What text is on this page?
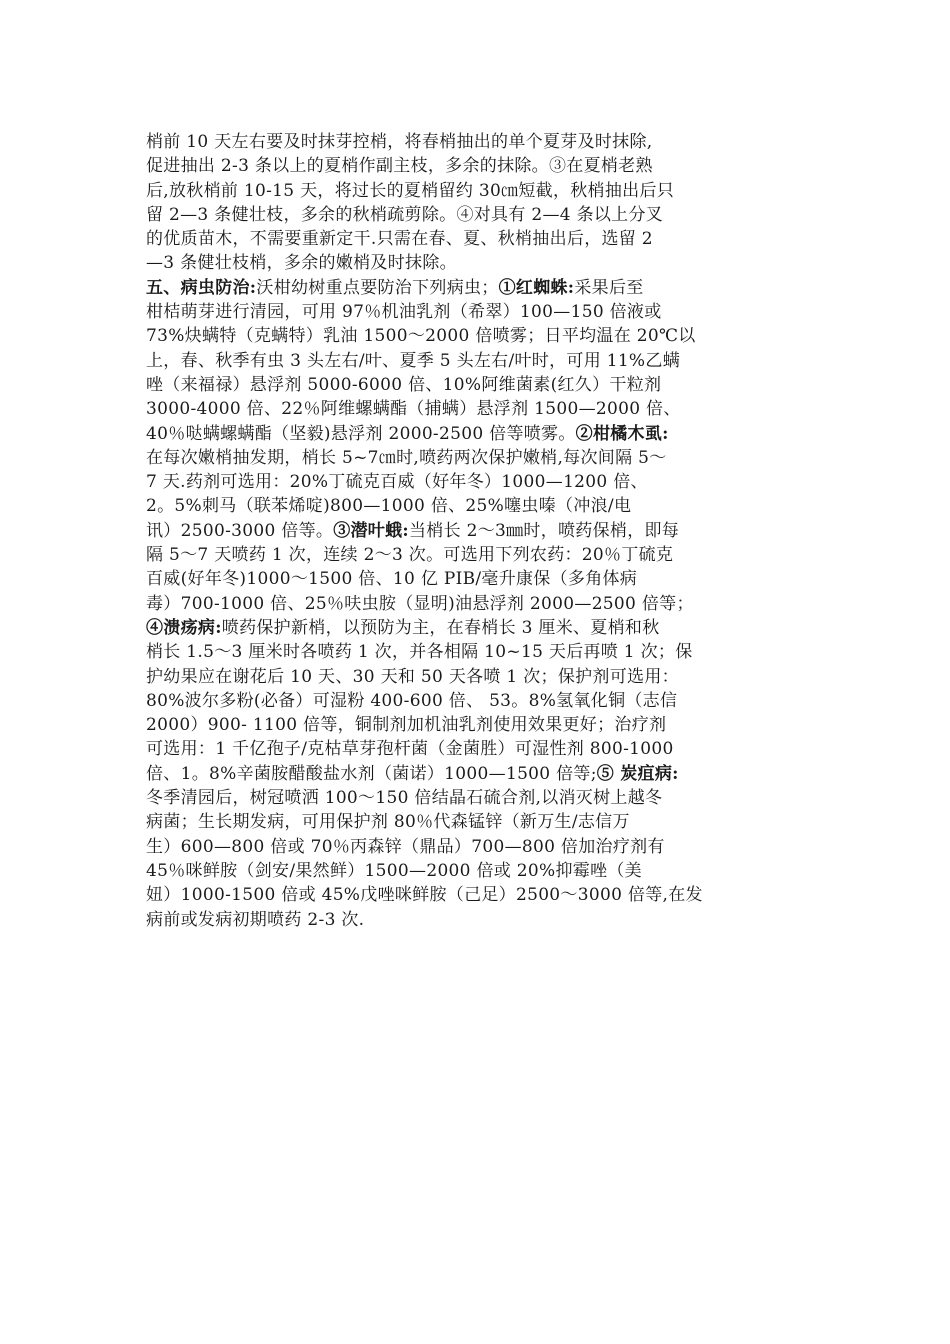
梢前 10 天左右要及时抹芽控梢，将春梢抽出的单个夏芽及时抹除,
促进抽出 2-3 条以上的夏梢作副主枝，多余的抹除。③在夏梢老熟
后,放秋梢前 10-15 天，将过长的夏梢留约 30㎝短截，秋梢抽出后只
留 2—3 条健壮枝，多余的秋梢疏剪除。④对具有 2—4 条以上分叉
的优质苗木，不需要重新定干.只需在春、夏、秋梢抽出后，选留 2
—3 条健壮枝梢，多余的嫩梢及时抹除。
五、病虫防治:沃柑幼树重点要防治下列病虫；①红蜘蛛:采果后至
柑桔萌芽进行清园，可用 97％机油乳剂（希翠）100—150 倍液或
73%炔螨特（克螨特）乳油 1500～2000 倍喷雾；日平均温在 20℃以
上，春、秋季有虫 3 头左右/叶、夏季 5 头左右/叶时，可用 11%乙螨
唑（来福禄）悬浮剂 5000-6000 倍、10%阿维菌素(红久）干粒剂
3000-4000 倍、22％阿维螺螨酯（捕螨）悬浮剂 1500—2000 倍、
40％哒螨螺螨酯（坚毅)悬浮剂 2000-2500 倍等喷雾。②柑橘木虱:
在每次嫩梢抽发期，梢长 5~7㎝时,喷药两次保护嫩梢,每次间隔 5～
7 天.药剂可选用：20%丁硫克百威（好年冬）1000—1200 倍、
2。5%刺马（联苯烯啶)800—1000 倍、25%噻虫嗪（冲浪/电
讯）2500-3000 倍等。③潜叶蛾:当梢长 2～3㎜时，喷药保梢，即每
隔 5～7 天喷药 1 次，连续 2～3 次。可选用下列农药：20％丁硫克
百威(好年冬)1000～1500 倍、10 亿 PIB/毫升康保（多角体病
毒）700-1000 倍、25％呋虫胺（显明)油悬浮剂 2000—2500 倍等；
④溃疡病:喷药保护新梢，以预防为主，在春梢长 3 厘米、夏梢和秋
梢长 1.5～3 厘米时各喷药 1 次，并各相隔 10~15 天后再喷 1 次；保
护幼果应在谢花后 10 天、30 天和 50 天各喷 1 次；保护剂可选用：
80%波尔多粉(必备）可湿粉 400-600 倍、 53。8%氢氧化铜（志信
2000）900- 1100 倍等，铜制剂加机油乳剂使用效果更好；治疗剂
可选用：1 千亿孢子/克枯草芽孢杆菌（金菌胜）可湿性剂 800-1000
倍、1。8%辛菌胺醋酸盐水剂（菌诺）1000—1500 倍等;⑤ 炭疽病:
冬季清园后，树冠喷洒 100～150 倍结晶石硫合剂,以消灭树上越冬
病菌；生长期发病，可用保护剂 80％代森锰锌（新万生/志信万
生）600—800 倍或 70％丙森锌（鼎品）700—800 倍加治疗剂有
45％咪鲜胺（剑安/果然鲜）1500—2000 倍或 20%抑霉唑（美
妞）1000-1500 倍或 45%戊唑咪鲜胺（己足）2500～3000 倍等,在发
病前或发病初期喷药 2-3 次.
